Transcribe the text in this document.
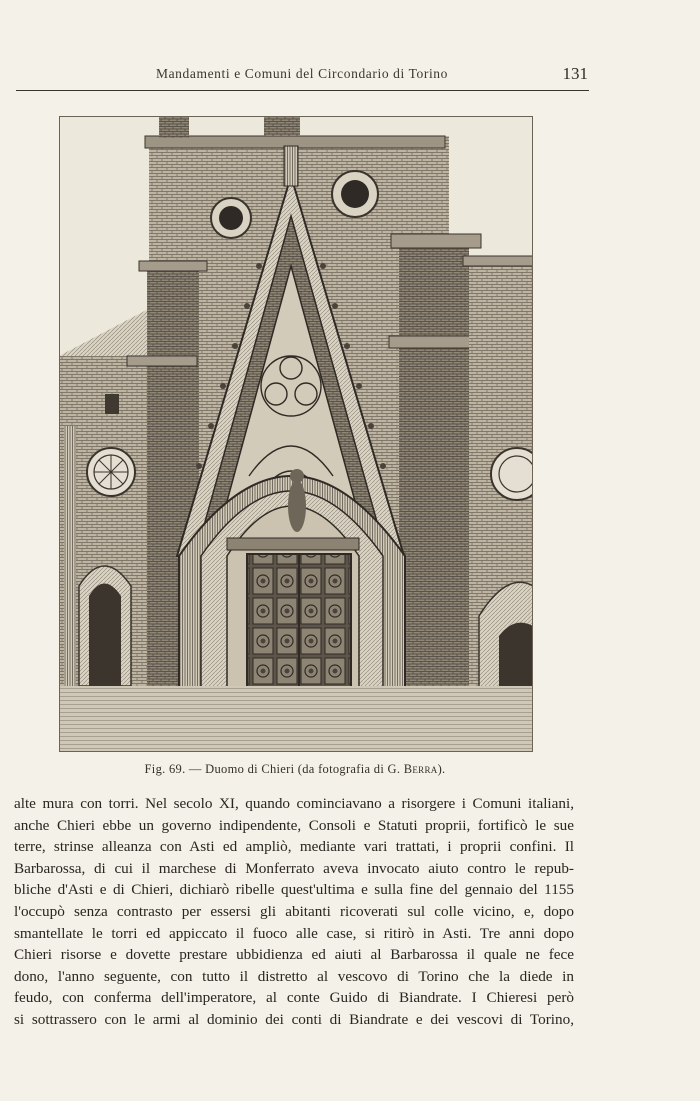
Mandamenti e Comuni del Circondario di Torino	131
Fig. 69. — Duomo di Chieri (da fotografia di G. Berra).
alte mura con torri. Nel secolo XI, quando cominciavano a risorgere i Comuni italiani,
anche Chieri ebbe un governo indipendente, Consoli e Statuti proprii, fortificò le sue
terre, strinse alleanza con Asti ed ampliò, mediante vari trattati, i proprii confini. Il
Barbarossa, di cui il marchese di Monferrato aveva invocato aiuto contro le repub-
bliche d'Asti e di Chieri, dichiarò ribelle quest'ultima e sulla fine del gennaio del 1155
l'occupò senza contrasto per essersi gli abitanti ricoverati sul colle vicino, e, dopo
smantellate le torri ed appiccato il fuoco alle case, si ritirò in Asti. Tre anni dopo
Chieri risorse e dovette prestare ubbidienza ed aiuti al Barbarossa il quale ne fece
dono, l'anno seguente, con tutto il distretto al vescovo di Torino che la diede in
feudo, con conferma dell'imperatore, al conte Guido di Biandrate. I Chieresi però
si sottrassero con le armi al dominio dei conti di Biandrate e dei vescovi di Torino,
